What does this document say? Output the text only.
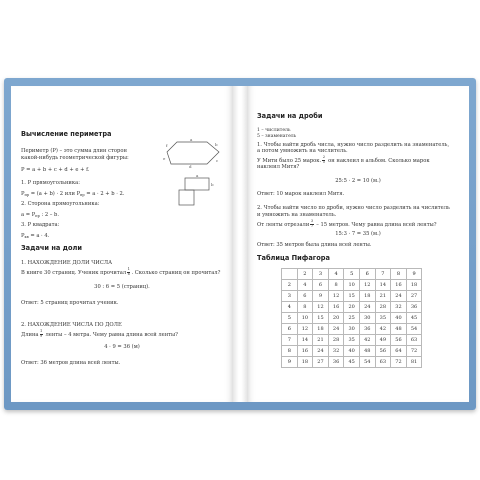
Вычисление периметра
Периметр (Р) – это сумма длин сторон
какой-нибудь геометрической фигуры:
a
b
c
d
e
f
P = a + b + c + d + e + f.
1. Р прямоугольника:
$P_{пр} = (a + b) \cdot 2$ или $P_{пр} = a \cdot 2 + b \cdot 2$.
a
b
2. Сторона прямоугольника:
$a = P_{пр}$ : 2 – b.
3. Р квадрата:
$P_{кв} = a \cdot 4$.
Задачи на доли
1. НАХОЖДЕНИЕ ДОЛИ ЧИСЛА
В книге 30 страниц. Ученик прочитал $\frac{1}{6}$ . Сколько страниц он прочитал?
30 : 6 = 5 (страниц).
Ответ: 5 страниц прочитал ученик.
2. НАХОЖДЕНИЕ ЧИСЛА ПО ДОЛЕ
Длина $\frac{1}{9}$ ленты – 4 метра. Чему равна длина всей ленты?
4 · 9 = 36 (м)
Ответ: 36 метров длина всей ленты.
Задачи на дроби
1 – числитель
5 – знаменатель
1. Чтобы найти дробь числа, нужно число разделить на знаменатель,
а потом умножить на числитель.
У Мити было 25 марок. $\frac{2}{5}$ он наклеил в альбом. Сколько марок
наклеил Митя?
25:5 · 2 = 10 (м.)
Ответ: 10 марок наклеил Митя.
2. Чтобы найти число по дроби, нужно число разделить на числитель
и умножить на знаменатель.
От ленты отрезали $\frac{3}{7} - 15$ метров. Чему равна длина всей ленты?
15:3 · 7 = 35 (м.)
Ответ: 35 метров была длина всей ленты.
Таблица Пифагора
	2	3	4	5	6	7	8	9
2	4	6	8	10	12	14	16	18
3	6	9	12	15	18	21	24	27
4	8	12	16	20	24	28	32	36
5	10	15	20	25	30	35	40	45
6	12	18	24	30	36	42	48	54
7	14	21	28	35	42	49	56	63
8	16	24	32	40	48	56	64	72
9	18	27	36	45	54	63	72	81
